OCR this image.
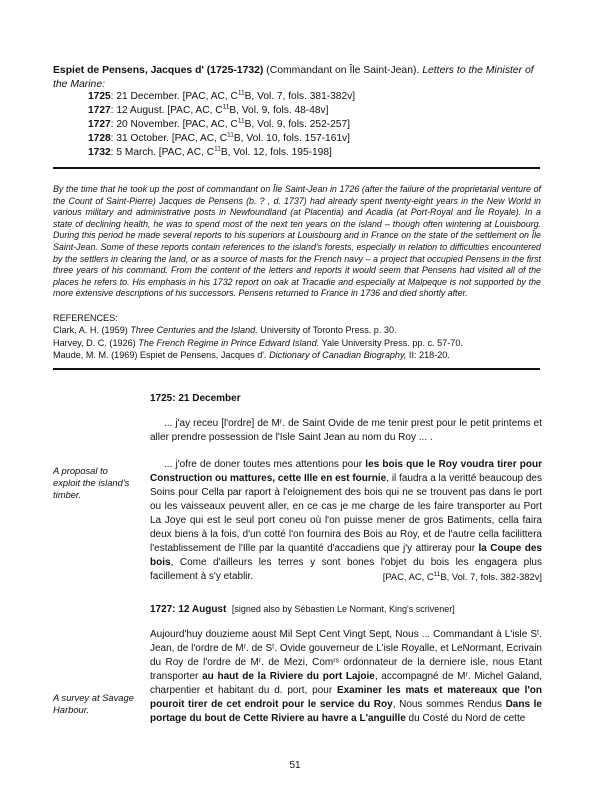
Espiet de Pensens, Jacques d' (1725-1732) (Commandant on Île Saint-Jean). Letters to the Minister of the Marine:
1725: 21 December. [PAC, AC, $C^{11}B$, Vol. 7, fols. 381-382v]
1727: 12 August. [PAC, AC, $C^{11}B$, Vol. 9, fols. 48-48v]
1727: 20 November. [PAC, AC, $C^{11}B$, Vol. 9, fols. 252-257]
1728: 31 October. [PAC, AC, $C^{11}B$, Vol. 10, fols. 157-161v]
1732: 5 March. [PAC, AC, $C^{11}B$, Vol. 12, fols. 195-198]
By the time that he took up the post of commandant on Île Saint-Jean in 1726 (after the failure of the proprietarial venture of the Count of Saint-Pierre) Jacques de Pensens (b. ? , d. 1737) had already spent twenty-eight years in the New World in various military and administrative posts in Newfoundland (at Placentia) and Acadia (at Port-Royal and Île Royale). In a state of declining health, he was to spend most of the next ten years on the island – though often wintering at Louisbourg. During this period he made several reports to his superiors at Louisbourg and in France on the state of the settlement on Île Saint-Jean. Some of these reports contain references to the island's forests, especially in relation to difficulties encountered by the settlers in clearing the land, or as a source of masts for the French navy – a project that occupied Pensens in the first three years of his command. From the content of the letters and reports it would seem that Pensens had visited all of the places he refers to. His emphasis in his 1732 report on oak at Tracadie and especially at Malpeque is not supported by the more extensive descriptions of his successors. Pensens returned to France in 1736 and died shortly after.
REFERENCES:
Clark, A. H. (1959) Three Centuries and the Island. University of Toronto Press. p. 30.
Harvey, D. C. (1926) The French Regime in Prince Edward Island. Yale University Press. pp. c. 57-70.
Maude, M. M. (1969) Espiet de Pensens, Jacques d'. Dictionary of Canadian Biography, II: 218-20.
1725: 21 December
... j'ay receu [l'ordre] de Mʳ. de Saint Ovide de me tenir prest pour le petit printems et aller prendre possession de l'Isle Saint Jean au nom du Roy ... .
A proposal to exploit the island's timber.
... j'ofre de doner toutes mes attentions pour les bois que le Roy voudra tirer pour Construction ou mattures, cette Ille en est fournie, il faudra a la veritté beaucoup des Soins pour Cella par raport à l'eloignement des bois qui ne se trouvent pas dans le port ou les vaisseaux peuvent aller, en ce cas je me charge de les faire transporter au Port La Joye qui est le seul port coneu où l'on puisse mener de gros Batiments, cella faira deux biens à la fois, d'un cotté l'on fournira des Bois au Roy, et de l'autre cella facilittera l'establissement de l'Ille par la quantité d'accadiens que j'y attireray pour la Coupe des bois, Come d'ailleurs les terres y sont bones l'objet du bois les engagera plus facillement à s'y etablir.	[PAC, AC, $C^{11}B$, Vol. 7, fols. 382-382v]
1727: 12 August [signed also by Sébastien Le Normant, King's scrivener]
A survey at Savage Harbour.
Aujourd'huy douzieme aoust Mil Sept Cent Vingt Sept, Nous ... Commandant à L'isle Sᵗ. Jean, de l'ordre de Mʳ. de Sᵗ. Ovide gouverneur de L'isle Royalle, et LeNormant, Ecrivain du Roy de l'ordre de Mʳ. de Mezi, Comʳˢ ordonnateur de la derniere isle, nous Etant transporter au haut de la Riviere du port Lajoie, accompagné de Mʳ. Michel Galand, charpentier et habitant du d. port, pour Examiner les mats et matereaux que l'on pouroit tirer de cet endroit pour le service du Roy, Nous sommes Rendus Dans le portage du bout de Cette Riviere au havre a L'anguille du Costé du Nord de cette
51
